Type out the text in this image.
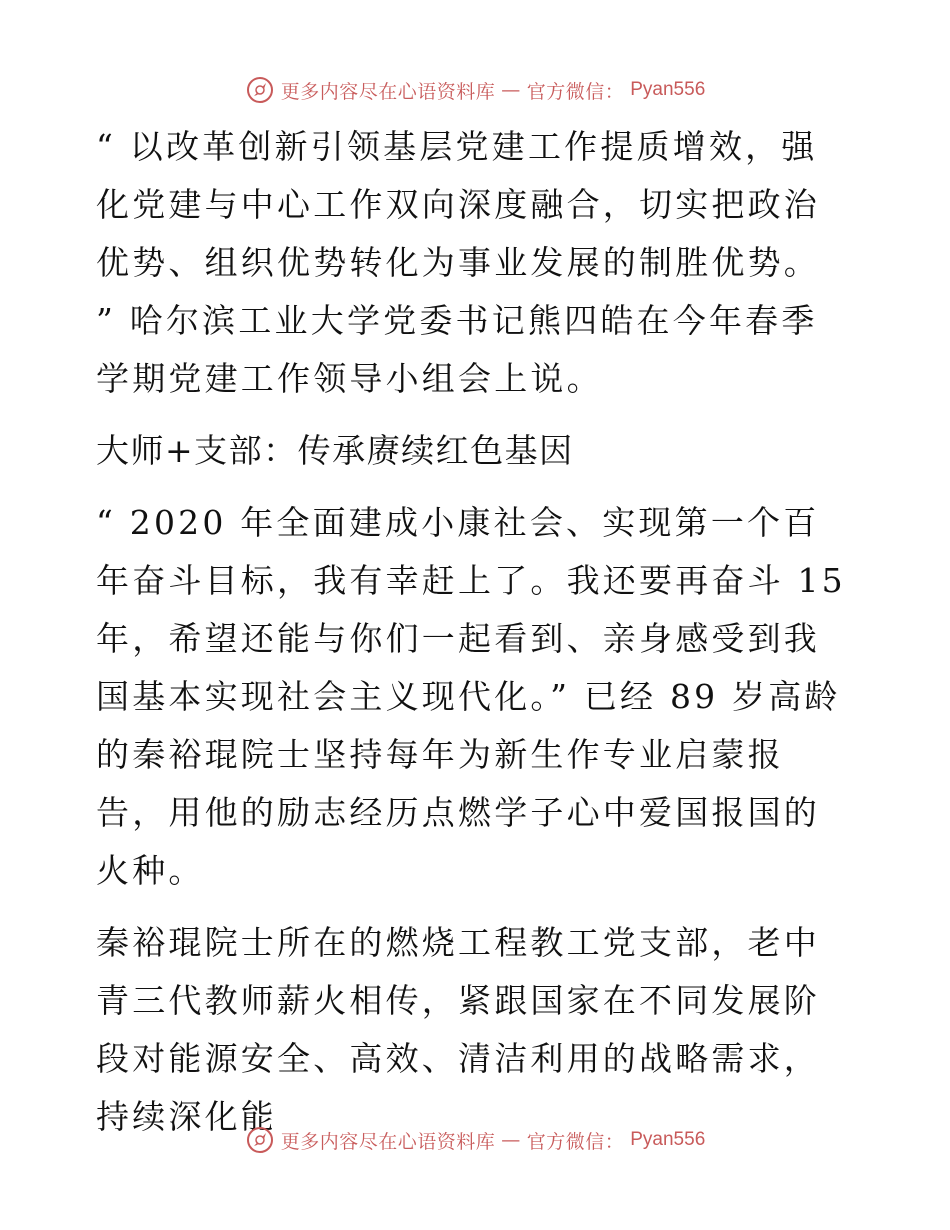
更多内容尽在心语资料库 — 官方微信： Pyan556

“ 以改革创新引领基层党建工作提质增效，强化党建与中心工作双向深度融合，切实把政治优势、组织优势转化为事业发展的制胜优势。 ” 哈尔滨工业大学党委书记熊四皓在今年春季学期党建工作领导小组会上说。

大师+支部：传承赓续红色基因

“ 2020 年全面建成小康社会、实现第一个百年奋斗目标，我有幸赶上了。我还要再奋斗 15 年，希望还能与你们一起看到、亲身感受到我国基本实现社会主义现代化。” 已经 89 岁高龄的秦裕琨院士坚持每年为新生作专业启蒙报告，用他的励志经历点燃学子心中爱国报国的火种。

秦裕琨院士所在的燃烧工程教工党支部，老中青三代教师薪火相传，紧跟国家在不同发展阶段对能源安全、高效、清洁利用的战略需求，持续深化能

更多内容尽在心语资料库 — 官方微信： Pyan556
